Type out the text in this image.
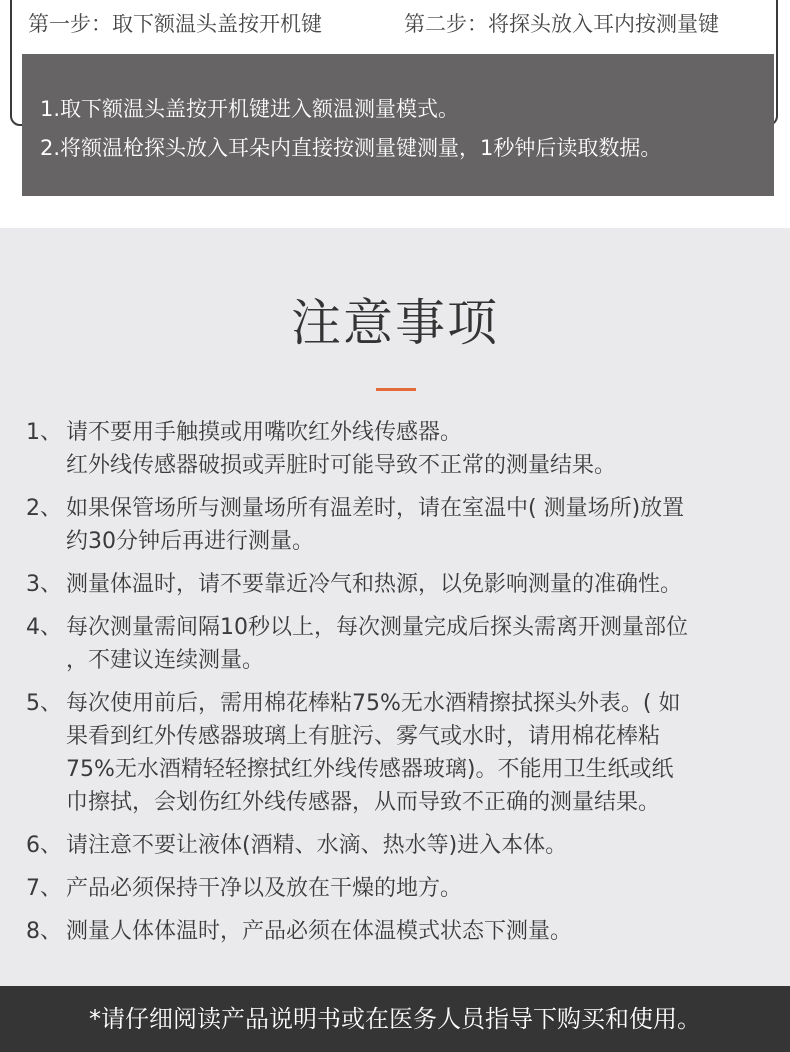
第一步：取下额温头盖按开机键	第二步：将探头放入耳内按测量键
1.取下额温头盖按开机键进入额温测量模式。
2.将额温枪探头放入耳朵内直接按测量键测量，1秒钟后读取数据。
注意事项
1、 请不要用手触摸或用嘴吹红外线传感器。
红外线传感器破损或弄脏时可能导致不正常的测量结果。
2、 如果保管场所与测量场所有温差时，请在室温中( 测量场所)放置
约30分钟后再进行测量。
3、 测量体温时，请不要靠近冷气和热源，以免影响测量的准确性。
4、 每次测量需间隔10秒以上，每次测量完成后探头需离开测量部位
，不建议连续测量。
5、 每次使用前后，需用棉花棒粘75%无水酒精擦拭探头外表。( 如
果看到红外传感器玻璃上有脏污、雾气或水时，请用棉花棒粘
75%无水酒精轻轻擦拭红外线传感器玻璃)。不能用卫生纸或纸
巾擦拭，会划伤红外线传感器，从而导致不正确的测量结果。
6、 请注意不要让液体(酒精、水滴、热水等)进入本体。
7、 产品必须保持干净以及放在干燥的地方。
8、 测量人体体温时，产品必须在体温模式状态下测量。
*请仔细阅读产品说明书或在医务人员指导下购买和使用。
